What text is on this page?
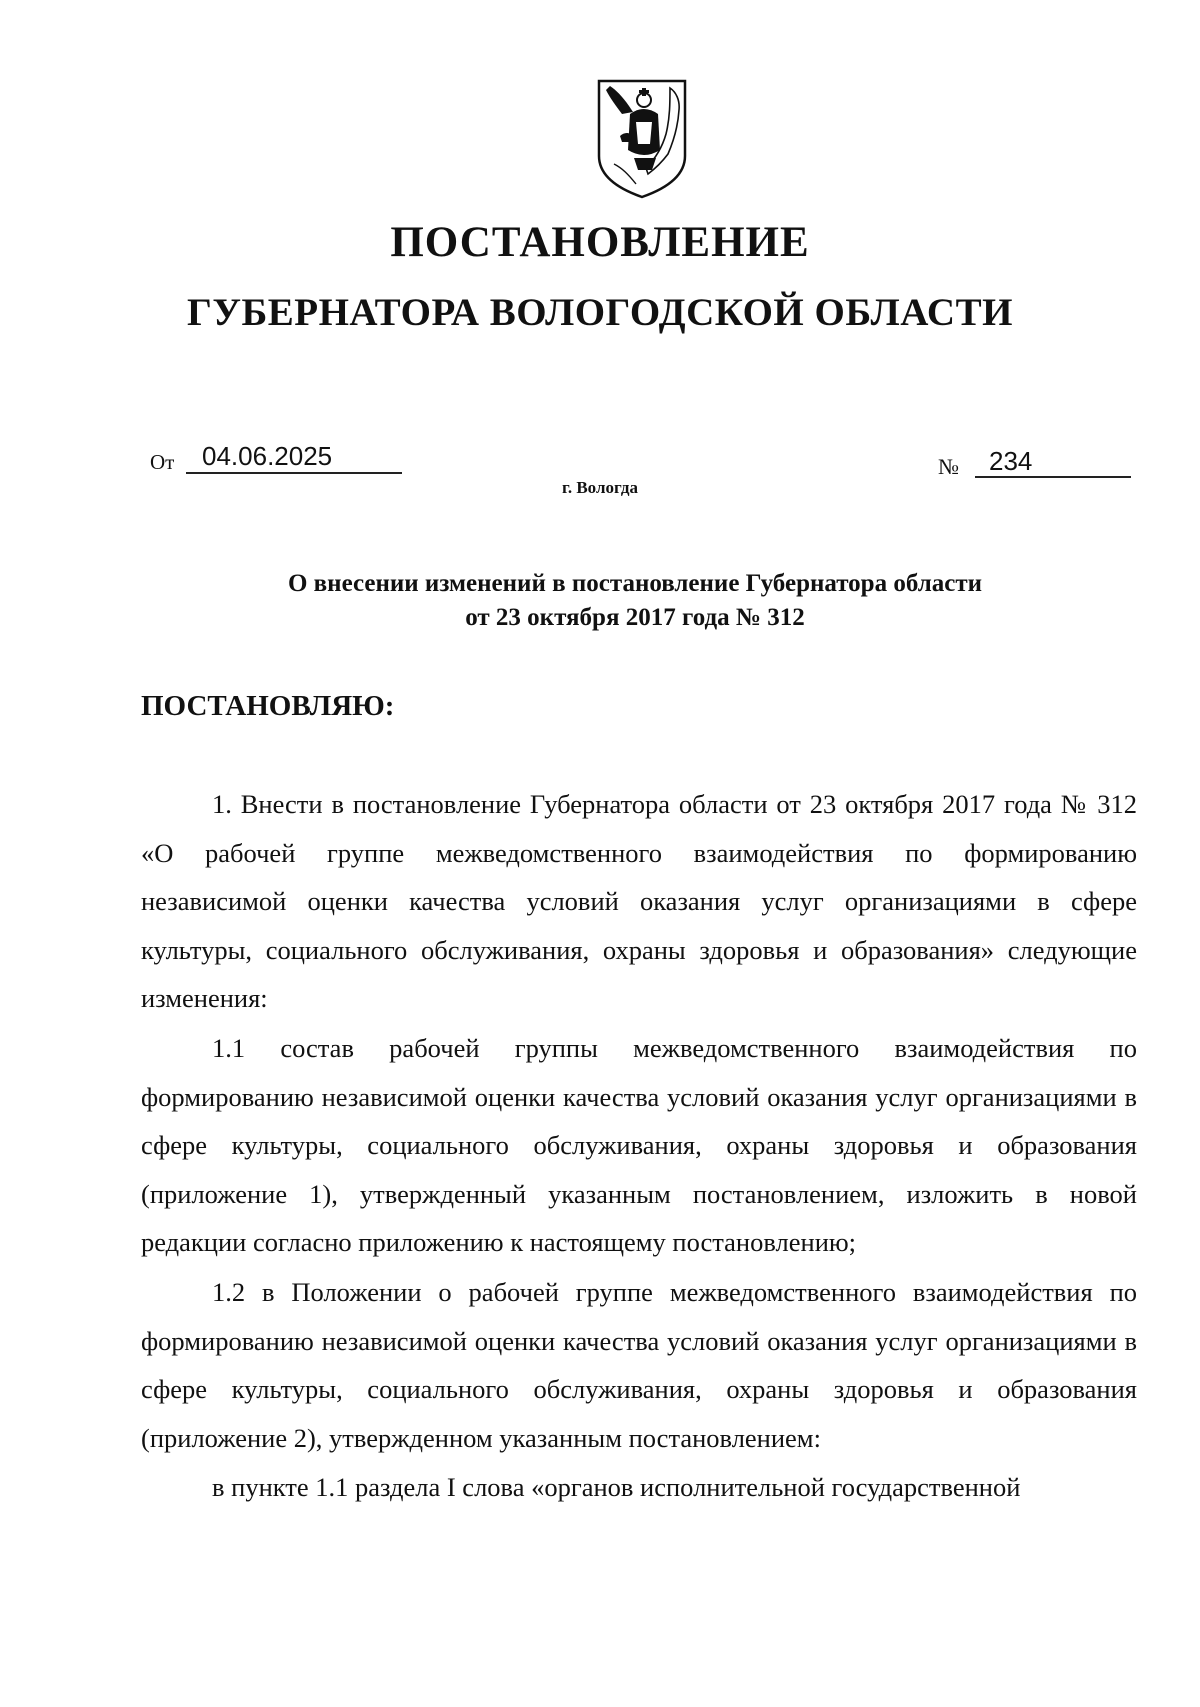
ПОСТАНОВЛЕНИЕ
ГУБЕРНАТОРА ВОЛОГОДСКОЙ ОБЛАСТИ
От	04.06.2025	№	234
г. Вологда
О внесении изменений в постановление Губернатора области
от 23 октября 2017 года № 312
ПОСТАНОВЛЯЮ:

1. Внести в постановление Губернатора области от 23 октября 2017 года № 312 «О рабочей группе межведомственного взаимодействия по формированию независимой оценки качества условий оказания услуг организациями в сфере культуры, социального обслуживания, охраны здоровья и образования» следующие изменения:

1.1 состав рабочей группы межведомственного взаимодействия по формированию независимой оценки качества условий оказания услуг организациями в сфере культуры, социального обслуживания, охраны здоровья и образования (приложение 1), утвержденный указанным постановлением, изложить в новой редакции согласно приложению к настоящему постановлению;

1.2 в Положении о рабочей группе межведомственного взаимодействия по формированию независимой оценки качества условий оказания услуг организациями в сфере культуры, социального обслуживания, охраны здоровья и образования (приложение 2), утвержденном указанным постановлением:

в пункте 1.1 раздела I слова «органов исполнительной государственной
